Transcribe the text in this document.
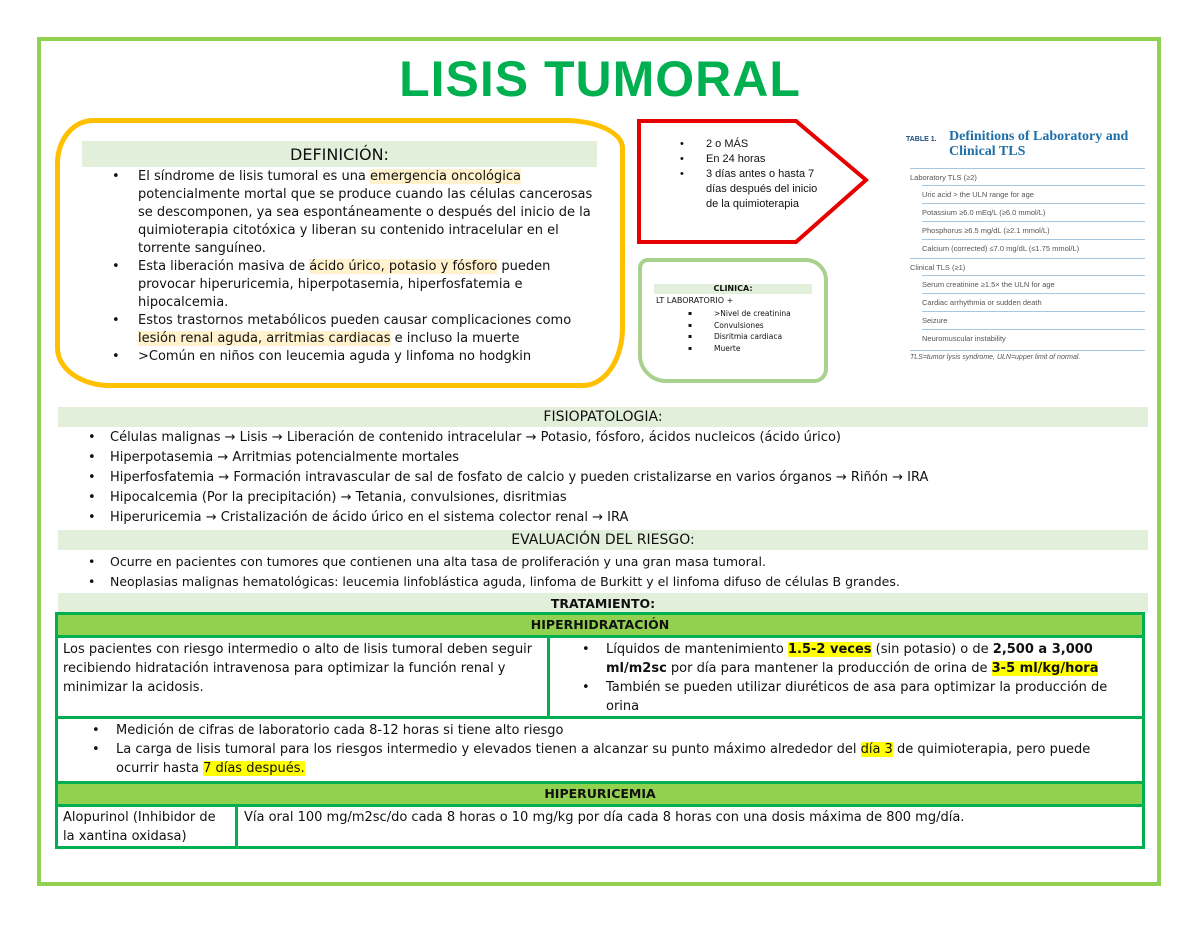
LISIS TUMORAL
DEFINICIÓN:
• El síndrome de lisis tumoral es una emergencia oncológica potencialmente mortal que se produce cuando las células cancerosas se descomponen, ya sea espontáneamente o después del inicio de la quimioterapia citotóxica y liberan su contenido intracelular en el torrente sanguíneo.
• Esta liberación masiva de ácido úrico, potasio y fósforo pueden provocar hiperuricemia, hiperpotasemia, hiperfosfatemia e hipocalcemia.
• Estos trastornos metabólicos pueden causar complicaciones como lesión renal aguda, arritmias cardiacas e incluso la muerte
• >Común en niños con leucemia aguda y linfoma no hodgkin
• 2 o MÁS
• En 24 horas
• 3 días antes o hasta 7 días después del inicio de la quimioterapia
CLINICA:
LT LABORATORIO +
▪ >Nivel de creatinina
▪ Convulsiones
▪ Disritmia cardiaca
▪ Muerte
TABLE 1. Definitions of Laboratory and Clinical TLS
Laboratory TLS (≥2)
Uric acid > the ULN range for age
Potassium ≥6.0 mEq/L (≥6.0 mmol/L)
Phosphorus ≥6.5 mg/dL (≥2.1 mmol/L)
Calcium (corrected) ≤7.0 mg/dL (≤1.75 mmol/L)
Clinical TLS (≥1)
Serum creatinine ≥1.5× the ULN for age
Cardiac arrhythmia or sudden death
Seizure
Neuromuscular instability
TLS=tumor lysis syndrome, ULN=upper limit of normal.
FISIOPATOLOGIA:
• Células malignas → Lisis → Liberación de contenido intracelular → Potasio, fósforo, ácidos nucleicos (ácido úrico)
• Hiperpotasemia → Arritmias potencialmente mortales
• Hiperfosfatemia → Formación intravascular de sal de fosfato de calcio y pueden cristalizarse en varios órganos → Riñón → IRA
• Hipocalcemia (Por la precipitación) → Tetania, convulsiones, disritmias
• Hiperuricemia → Cristalización de ácido úrico en el sistema colector renal → IRA
EVALUACIÓN DEL RIESGO:
• Ocurre en pacientes con tumores que contienen una alta tasa de proliferación y una gran masa tumoral.
• Neoplasias malignas hematológicas: leucemia linfoblástica aguda, linfoma de Burkitt y el linfoma difuso de células B grandes.
TRATAMIENTO:
HIPERHIDRATACIÓN
Los pacientes con riesgo intermedio o alto de lisis tumoral deben seguir recibiendo hidratación intravenosa para optimizar la función renal y minimizar la acidosis.
• Líquidos de mantenimiento 1.5-2 veces (sin potasio) o de 2,500 a 3,000 ml/m2sc por día para mantener la producción de orina de 3-5 ml/kg/hora
• También se pueden utilizar diuréticos de asa para optimizar la producción de orina
• Medición de cifras de laboratorio cada 8-12 horas si tiene alto riesgo
• La carga de lisis tumoral para los riesgos intermedio y elevados tienen a alcanzar su punto máximo alrededor del día 3 de quimioterapia, pero puede ocurrir hasta 7 días después.
HIPERURICEMIA
Alopurinol (Inhibidor de la xantina oxidasa)
Vía oral 100 mg/m2sc/do cada 8 horas o 10 mg/kg por día cada 8 horas con una dosis máxima de 800 mg/día.
